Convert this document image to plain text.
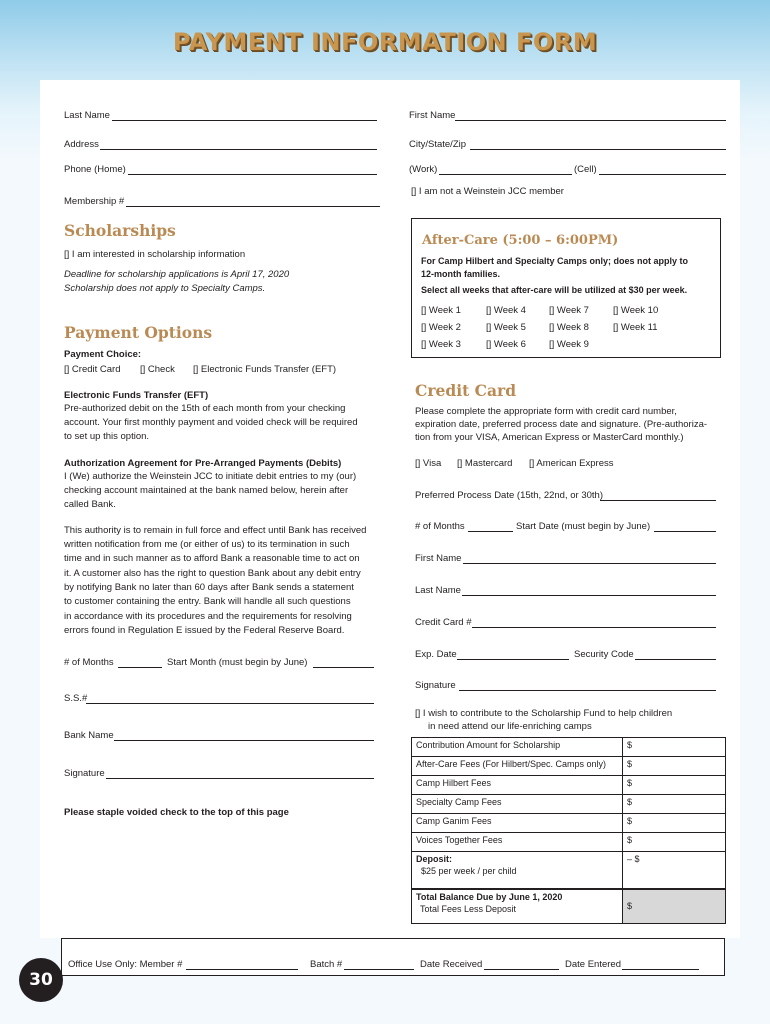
PAYMENT INFORMATION FORM
Last Name	First Name
Address	City/State/Zip
Phone (Home)	(Work)	(Cell)
[] I am not a Weinstein JCC member
Membership #
Scholarships
[] I am interested in scholarship information
Deadline for scholarship applications is April 17, 2020
Scholarship does not apply to Specialty Camps.
After-Care (5:00 – 6:00PM)
For Camp Hilbert and Specialty Camps only; does not apply to
12-month families.
Select all weeks that after-care will be utilized at $30 per week.
[] Week 1	[] Week 4 [] Week 7	[] Week 10
[] Week 2	[] Week 5 [] Week 8	[] Week 11
[] Week 3	[] Week 6 [] Week 9
Payment Options
Payment Choice:
[] Credit Card [] Check [] Electronic Funds Transfer (EFT)
Electronic Funds Transfer (EFT)
Pre-authorized debit on the 15th of each month from your checking
account. Your first monthly payment and voided check will be required
to set up this option.
Authorization Agreement for Pre-Arranged Payments (Debits)
I (We) authorize the Weinstein JCC to initiate debit entries to my (our)
checking account maintained at the bank named below, herein after
called Bank.
This authority is to remain in full force and effect until Bank has received
written notification from me (or either of us) to its termination in such
time and in such manner as to afford Bank a reasonable time to act on
it. A customer also has the right to question Bank about any debit entry
by notifying Bank no later than 60 days after Bank sends a statement
to customer containing the entry. Bank will handle all such questions
in accordance with its procedures and the requirements for resolving
errors found in Regulation E issued by the Federal Reserve Board.
# of Months	Start Month (must begin by June)
S.S.#
Bank Name
Signature
Please staple voided check to the top of this page
Credit Card
Please complete the appropriate form with credit card number,
expiration date, preferred process date and signature. (Pre-authoriza-
tion from your VISA, American Express or MasterCard monthly.)
[] Visa [] Mastercard [] American Express
Preferred Process Date (15th, 22nd, or 30th)
# of Months	Start Date (must begin by June)
First Name
Last Name
Credit Card #
Exp. Date	Security Code
Signature
[] I wish to contribute to the Scholarship Fund to help children
in need attend our life-enriching camps
Contribution Amount for Scholarship	$
After-Care Fees (For Hilbert/Spec. Camps only)	$
Camp Hilbert Fees	$
Specialty Camp Fees	$
Camp Ganim Fees	$
Voices Together Fees	$

Deposit:
$25 per week / per child	– $

Total Balance Due by June 1, 2020
Total Fees Less Deposit	$
Office Use Only: Member #	Batch #	Date Received	Date Entered
30
